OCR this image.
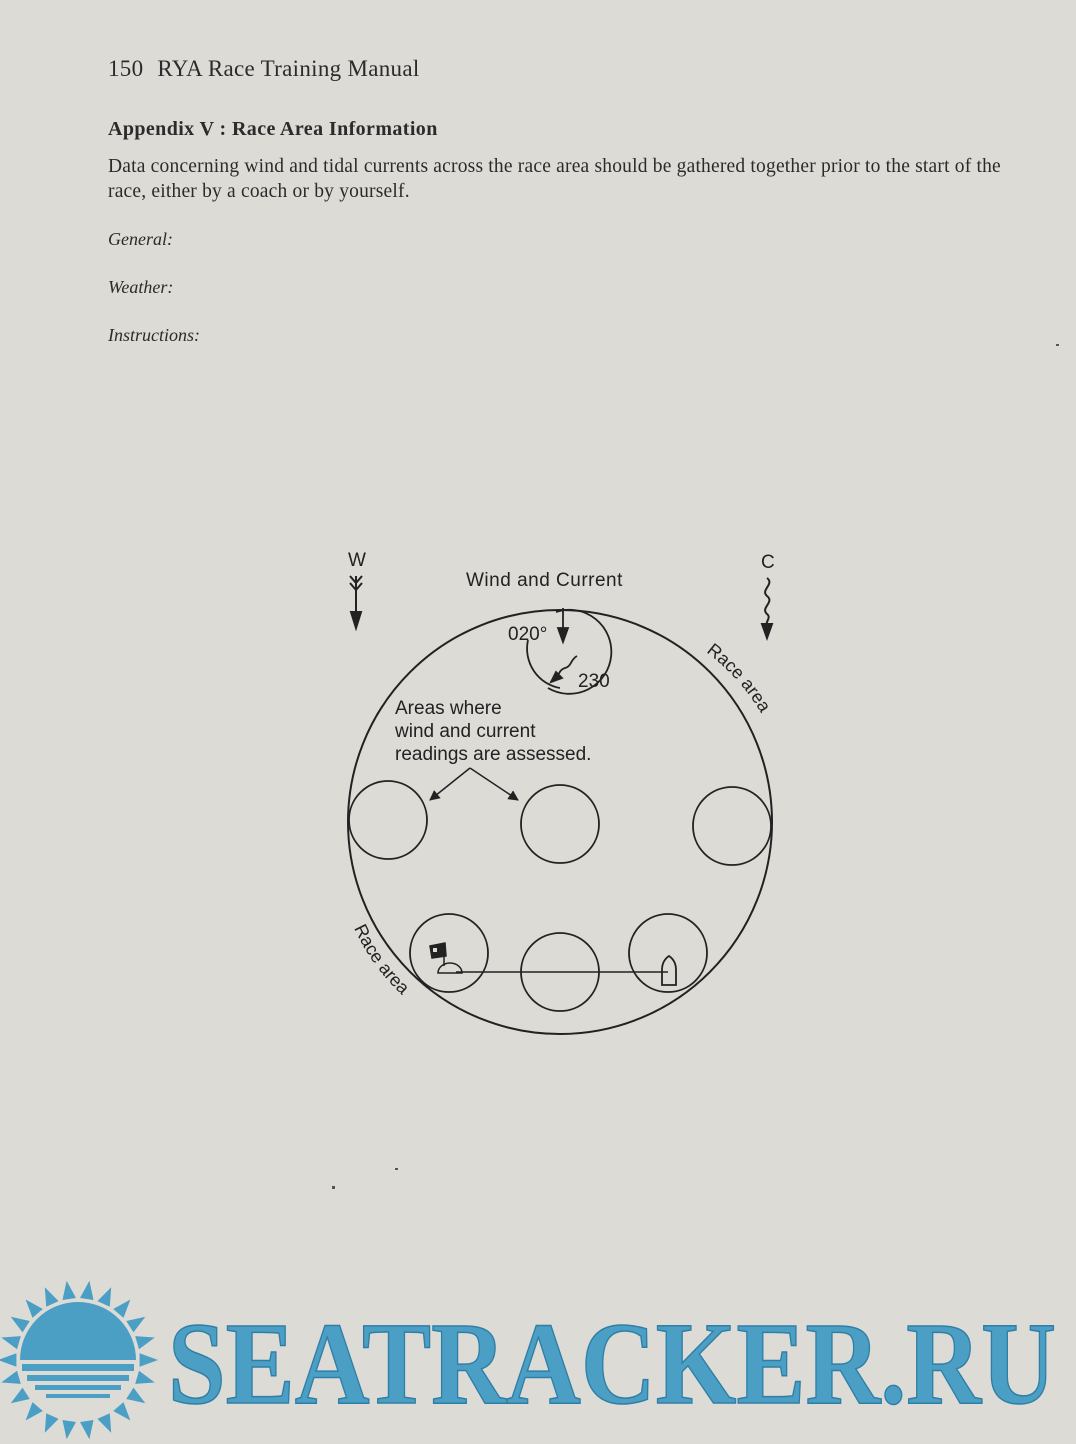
150 RYA Race Training Manual
Appendix V : Race Area Information
Data concerning wind and tidal currents across the race area should be gathered together prior to the start of the race, either by a coach or by yourself.
General:
Weather:
Instructions:
W	C
Wind and Current
020°
230
Race area
Race area
Areas where
wind and current
readings are assessed.
SEATRACKER.RU
